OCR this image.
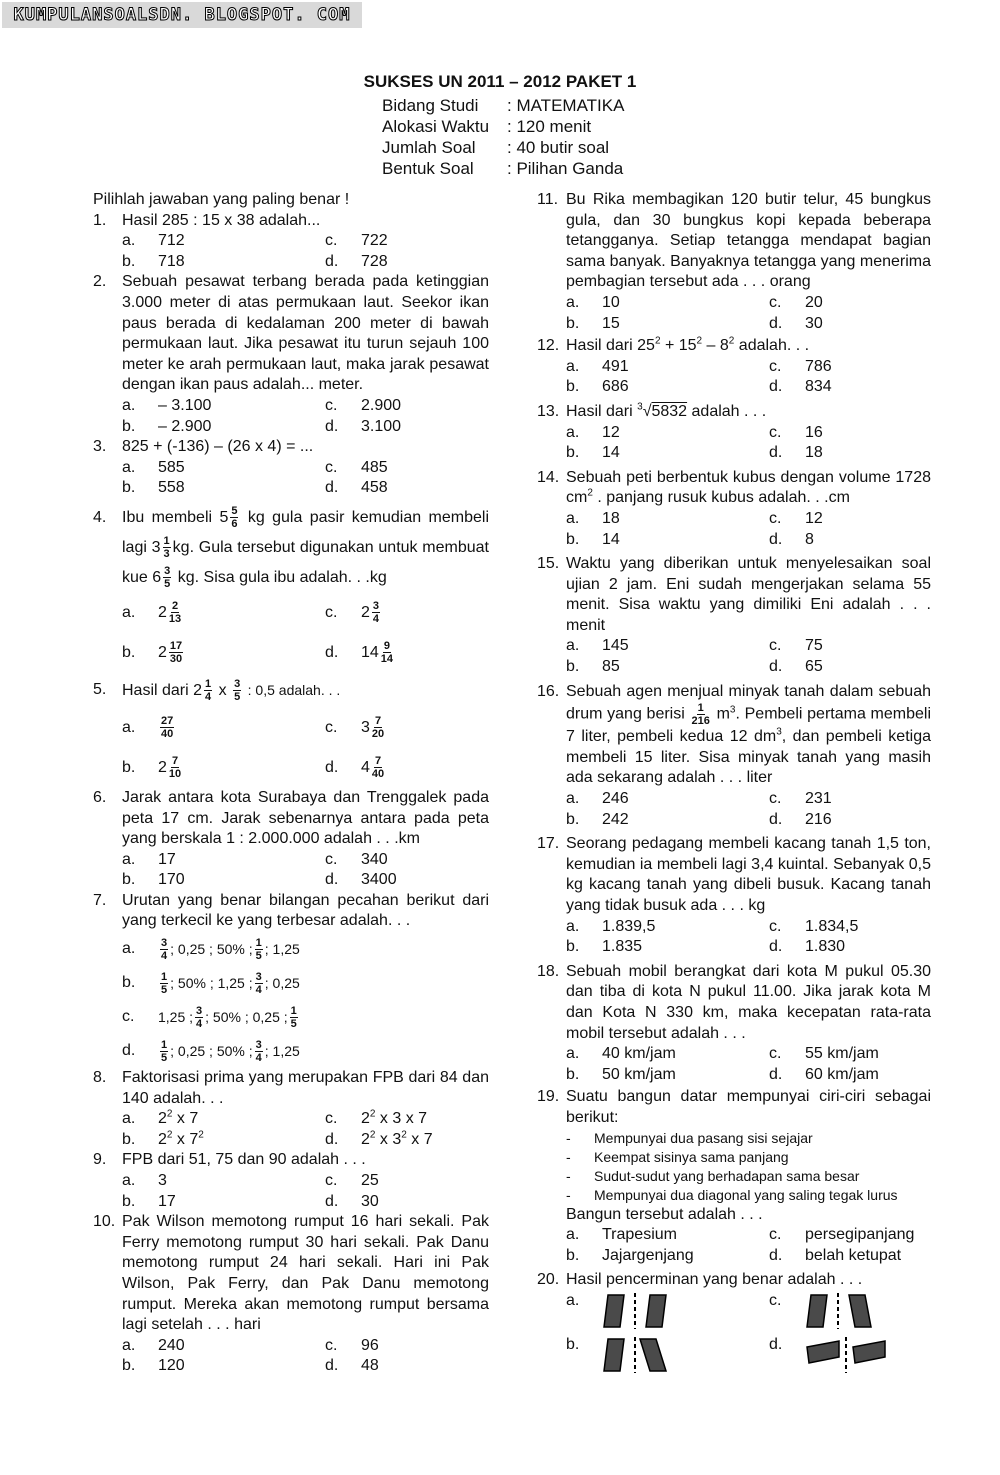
KUMPULANSOALSDN. BLOGSPOT. COM
SUKSES UN 2011 – 2012 PAKET 1
Bidang Studi	: MATEMATIKA
Alokasi Waktu	: 120 menit
Jumlah Soal	: 40 butir soal
Bentuk Soal	: Pilihan Ganda
Pilihlah jawaban yang paling benar !
1. Hasil 285 : 15 x 38 adalah...
a.	712	c.	722
b.	718	d.	728
2. Sebuah pesawat terbang berada pada ketinggian 3.000 meter di atas permukaan laut. Seekor ikan paus berada di kedalaman 200 meter di bawah permukaan laut. Jika pesawat itu turun sejauh 100 meter ke arah permukaan laut, maka jarak pesawat dengan ikan paus adalah... meter.
a.	– 3.100	c.	2.900
b.	– 2.900	d.	3.100
3. 825 + (-136) – (26 x 4) = ...
a.	585	c.	485
b.	558	d.	458
4. Ibu membeli $5 \frac{5}{6}$ kg gula pasir kemudian membeli lagi $3 \frac{1}{3}$ kg. Gula tersebut digunakan untuk membuat kue $6 \frac{3}{5}$ kg. Sisa gula ibu adalah. . .kg
a.	$2 \frac{2}{13}$	c.	$2 \frac{3}{4}$
b.	$2 \frac{17}{30}$	d.	$14 \frac{9}{14}$
5. Hasil dari $2 \frac{1}{4}$ x $\frac{3}{5}$ : 0,5 adalah. . .
a.	$\frac{27}{40}$	c.	$3 \frac{7}{20}$
b.	$2 \frac{7}{10}$	d.	$4 \frac{7}{40}$
6. Jarak antara kota Surabaya dan Trenggalek pada peta 17 cm. Jarak sebenarnya antara pada peta yang berskala 1 : 2.000.000 adalah . . .km
a.	17	c.	340
b.	170	d.	3400
7. Urutan yang benar bilangan pecahan berikut dari yang terkecil ke yang terbesar adalah. . .
a.	$\frac{3}{4}$ ; 0,25 ; 50% ; $\frac{1}{5}$ ; 1,25
b.	$\frac{1}{5}$ ; 50% ; 1,25 ; $\frac{3}{4}$ ; 0,25
c.	1,25 ; $\frac{3}{4}$ ; 50% ; 0,25 ; $\frac{1}{5}$
d.	$\frac{1}{5}$ ; 0,25 ; 50% ; $\frac{3}{4}$ ; 1,25
8. Faktorisasi prima yang merupakan FPB dari 84 dan 140 adalah. . .
a.	$2^2$ x 7	c.	$2^2$ x 3 x 7
b.	$2^2$ x $7^2$	d.	$2^2$ x $3^2$ x 7
9. FPB dari 51, 75 dan 90 adalah . . .
a.	3	c.	25
b.	17	d.	30
10. Pak Wilson memotong rumput 16 hari sekali. Pak Ferry memotong rumput 30 hari sekali. Pak Danu memotong rumput 24 hari sekali. Hari ini Pak Wilson, Pak Ferry, dan Pak Danu memotong rumput. Mereka akan memotong rumput bersama lagi setelah . . . hari
a.	240	c.	96
b.	120	d.	48
11. Bu Rika membagikan 120 butir telur, 45 bungkus gula, dan 30 bungkus kopi kepada beberapa tetangganya. Setiap tetangga mendapat bagian sama banyak. Banyaknya tetangga yang menerima pembagian tersebut ada . . . orang
a.	10	c.	20
b.	15	d.	30
12. Hasil dari $25^2 + 15^2 - 8^2$ adalah. . .
a.	491	c.	786
b.	686	d.	834
13. Hasil dari $^3$√5832 adalah . . .
a.	12	c.	16
b.	14	d.	18
14. Sebuah peti berbentuk kubus dengan volume 1728 $cm^2$ . panjang rusuk kubus adalah. . .cm
a.	18	c.	12
b.	14	d.	8
15. Waktu yang diberikan untuk menyelesaikan soal ujian 2 jam. Eni sudah mengerjakan selama 55 menit. Sisa waktu yang dimiliki Eni adalah . . . menit
a.	145	c.	75
b.	85	d.	65
16. Sebuah agen menjual minyak tanah dalam sebuah drum yang berisi $\frac{1}{216} m^3$. Pembeli pertama membeli 7 liter, pembeli kedua 12 $dm^3$, dan pembeli ketiga membeli 15 liter. Sisa minyak tanah yang masih ada sekarang adalah . . . liter
a.	246	c.	231
b.	242	d.	216
17. Seorang pedagang membeli kacang tanah 1,5 ton, kemudian ia membeli lagi 3,4 kuintal. Sebanyak 0,5 kg kacang tanah yang dibeli busuk. Kacang tanah yang tidak busuk ada . . . kg
a.	1.839,5	c.	1.834,5
b.	1.835	d.	1.830
18. Sebuah mobil berangkat dari kota M pukul 05.30 dan tiba di kota N pukul 11.00. Jika jarak kota M dan Kota N 330 km, maka kecepatan rata-rata mobil tersebut adalah . . .
a.	40 km/jam	c.	55 km/jam
b.	50 km/jam	d.	60 km/jam
19. Suatu bangun datar mempunyai ciri-ciri sebagai berikut:
-	Mempunyai dua pasang sisi sejajar
-	Keempat sisinya sama panjang
-	Sudut-sudut yang berhadapan sama besar
-	Mempunyai dua diagonal yang saling tegak lurus
Bangun tersebut adalah . . .
a.	Trapesium	c.	persegipanjang
b.	Jajargenjang	d.	belah ketupat
20. Hasil pencerminan yang benar adalah . . .
a.	c.
b.	d.
